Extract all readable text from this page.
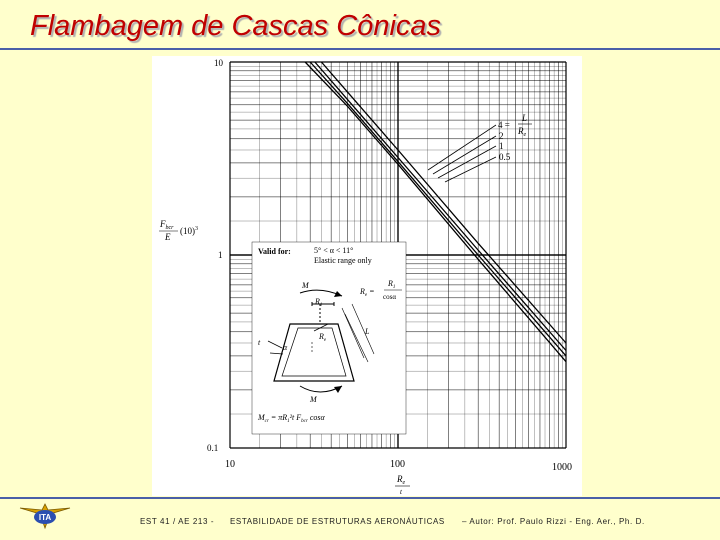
Flambagem de Cascas Cônicas
10
1
0.1
10	100	1000
$F_{bcr}$
E
$(10)^3$
$R_e$
t
4 =
L
$R_e$
2
1
0.5
Valid for:	5° < α < 11°
Elastic range only
$R_e$ =
$R_1$
cosα
M
M
$R_1$
$R_e$
L
t
α
$M_{cr} = \pi R_1^2t$ $F_{bcr}$ cosα
ITA	EST 41 / AE 213 - ESTABILIDADE DE ESTRUTURAS AERONÁUTICAS – Autor: Prof. Paulo Rizzi - Eng. Aer., Ph. D.
